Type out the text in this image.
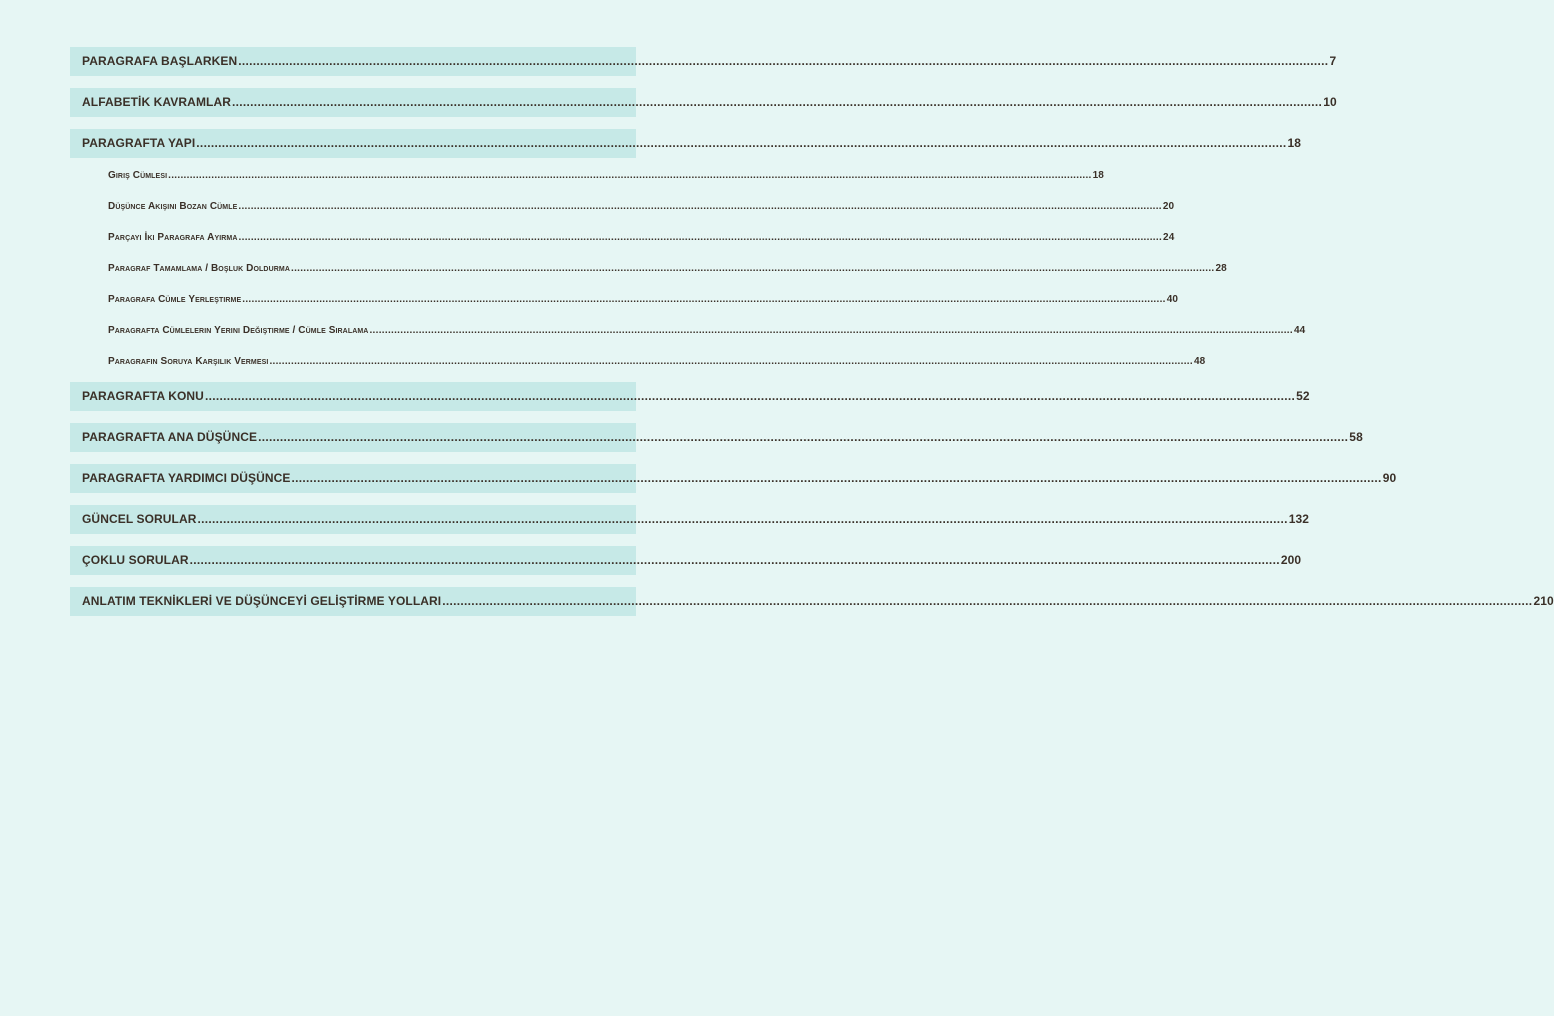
PARAGRAFA BAŞLARKEN ............................................................................................................................................................................................................................................................................................................ 7
ALFABETİK KAVRAMLAR ............................................................................................................................................................................................................................................................................................................ 10
PARAGRAFTA YAPI ............................................................................................................................................................................................................................................................................................................ 18
Giriş Cümlesi ............................................................................................................................................................................................................................................................................................................ 18
Düşünce Akışını Bozan Cümle ............................................................................................................................................................................................................................................................................................................ 20
Parçayı İki Paragrafa Ayırma ............................................................................................................................................................................................................................................................................................................ 24
Paragraf Tamamlama / Boşluk Doldurma ............................................................................................................................................................................................................................................................................................................ 28
Paragrafa Cümle Yerleştirme ............................................................................................................................................................................................................................................................................................................ 40
Paragrafta Cümlelerin Yerini Değiştirme / Cümle Sıralama ............................................................................................................................................................................................................................................................................................................ 44
Paragrafın Soruya Karşılık Vermesi ............................................................................................................................................................................................................................................................................................................ 48
PARAGRAFTA KONU ............................................................................................................................................................................................................................................................................................................ 52
PARAGRAFTA ANA DÜŞÜNCE ............................................................................................................................................................................................................................................................................................................ 58
PARAGRAFTA YARDIMCI DÜŞÜNCE ............................................................................................................................................................................................................................................................................................................ 90
GÜNCEL SORULAR ............................................................................................................................................................................................................................................................................................................ 132
ÇOKLU SORULAR ............................................................................................................................................................................................................................................................................................................ 200
ANLATIM TEKNİKLERİ VE DÜŞÜNCEYİ GELİŞTİRME YOLLARI ............................................................................................................................................................................................................................................................................................................ 210
